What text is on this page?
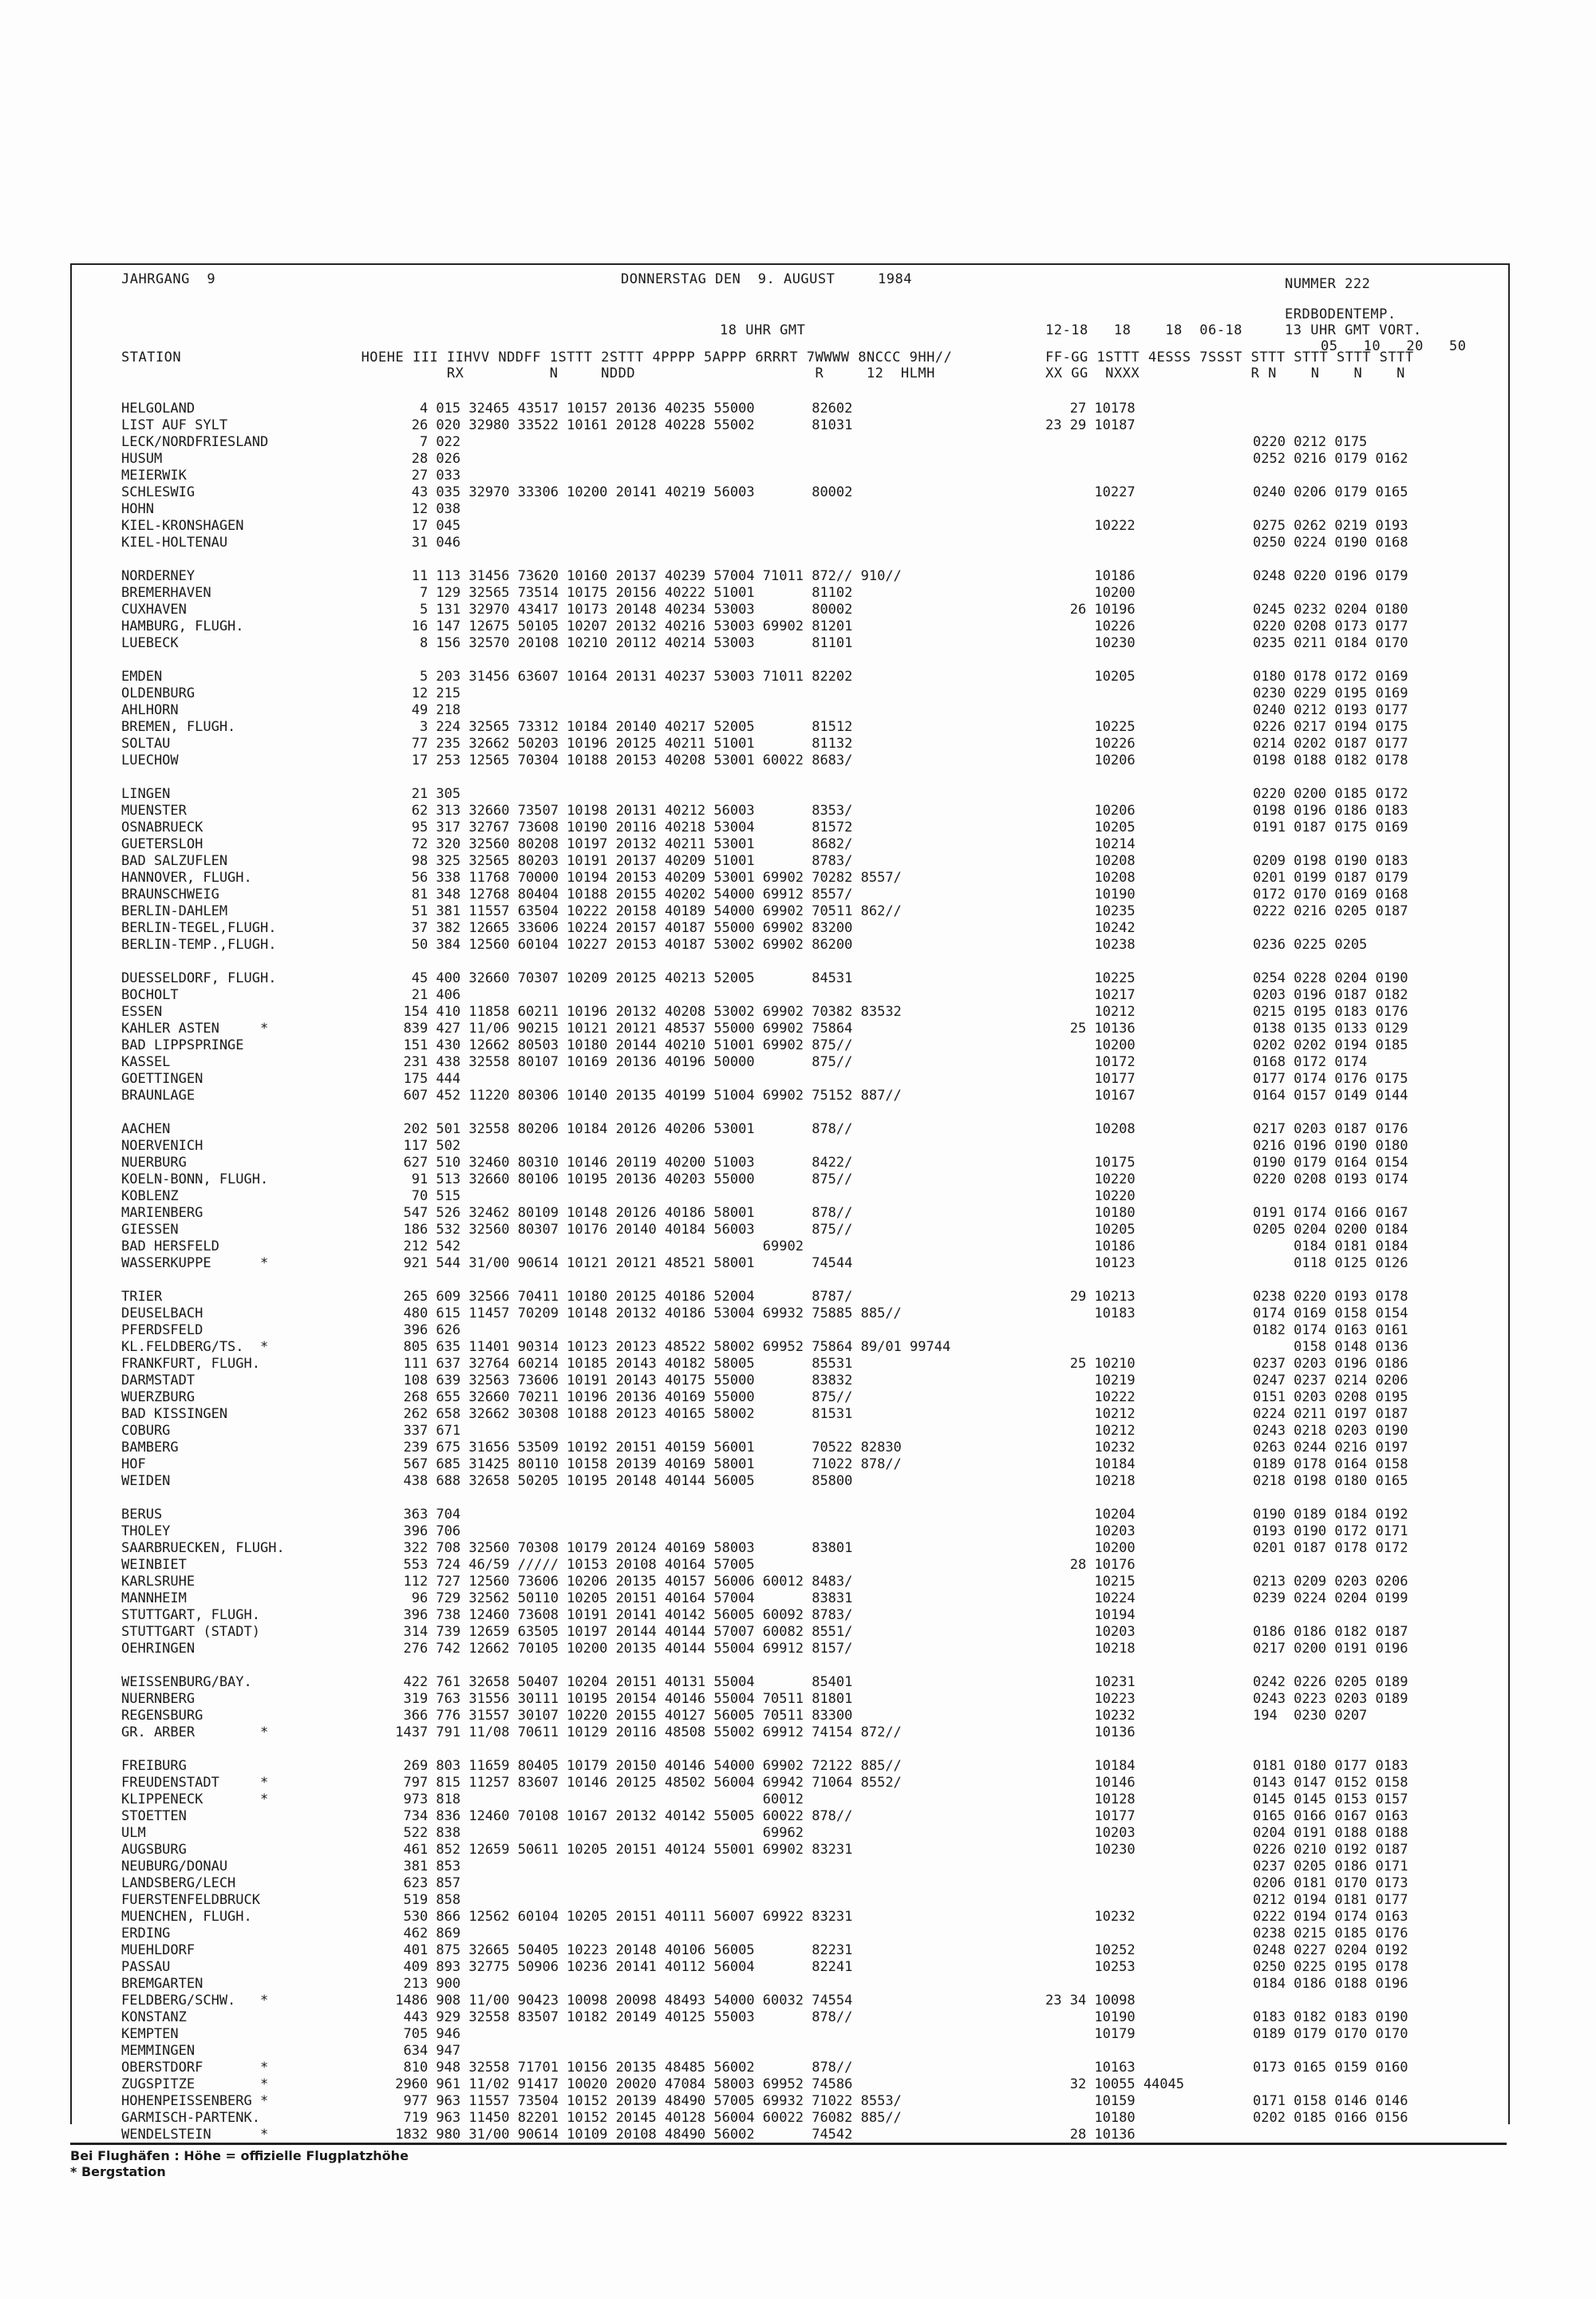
JAHRGANG  9	DONNERSTAG DEN  9. AUGUST     1984	NUMMER 222
18 UHR GMT
ERDBODENTEMP.
13 UHR GMT VORT.
05   10   20   50
STATION                     HOEHE III IIHVV NDDFF 1STTT 2STTT 4PPPP 5APPP 6RRRT 7WWWW 8NCCC 9HH//
RX          N     NDDD                     R     12  HLMH
12-18   18    18  06-18
FF-GG 1STTT 4ESSS 7SSST STTT STTT STTT STTT
XX GG  NXXX             R N    N    N    N
HELGOLAND
LIST AUF SYLT
LECK/NORDFRIESLAND
HUSUM
MEIERWIK
SCHLESWIG
HOHN
KIEL-KRONSHAGEN
KIEL-HOLTENAU
NORDERNEY
BREMERHAVEN
CUXHAVEN
HAMBURG, FLUGH.
LUEBECK
EMDEN
OLDENBURG
AHLHORN
BREMEN, FLUGH.
SOLTAU
LUECHOW
LINGEN
MUENSTER
OSNABRUECK
GUETERSLOH
BAD SALZUFLEN
HANNOVER, FLUGH.
BRAUNSCHWEIG
BERLIN-DAHLEM
BERLIN-TEGEL,FLUGH.
BERLIN-TEMP.,FLUGH.
DUESSELDORF, FLUGH.
BOCHOLT
ESSEN
KAHLER ASTEN     *
BAD LIPPSPRINGE
KASSEL
GOETTINGEN
BRAUNLAGE
AACHEN
NOERVENICH
NUERBURG
KOELN-BONN, FLUGH.
KOBLENZ
MARIENBERG
GIESSEN
BAD HERSFELD
WASSERKUPPE      *
TRIER
DEUSELBACH
PFERDSFELD
KL.FELDBERG/TS.  *
FRANKFURT, FLUGH.
DARMSTADT
WUERZBURG
BAD KISSINGEN
COBURG
BAMBERG
HOF
WEIDEN
BERUS
THOLEY
SAARBRUECKEN, FLUGH.
WEINBIET
KARLSRUHE
MANNHEIM
STUTTGART, FLUGH.
STUTTGART (STADT)
OEHRINGEN
WEISSENBURG/BAY.
NUERNBERG
REGENSBURG
GR. ARBER        *
FREIBURG
FREUDENSTADT     *
KLIPPENECK       *
STOETTEN
ULM
AUGSBURG
NEUBURG/DONAU
LANDSBERG/LECH
FUERSTENFELDBRUCK
MUENCHEN, FLUGH.
ERDING
MUEHLDORF
PASSAU
BREMGARTEN
FELDBERG/SCHW.   *
KONSTANZ
KEMPTEN
MEMMINGEN
OBERSTDORF       *
ZUGSPITZE        *
HOHENPEISSENBERG *
GARMISCH-PARTENK.
WENDELSTEIN      *
4 015 32465 43517 10157 20136 40235 55000       82602
26 020 32980 33522 10161 20128 40228 55002       81031
7 022
28 026
27 033
43 035 32970 33306 10200 20141 40219 56003       80002
12 038
17 045
31 046
11 113 31456 73620 10160 20137 40239 57004 71011 872// 910//
7 129 32565 73514 10175 20156 40222 51001       81102
5 131 32970 43417 10173 20148 40234 53003       80002
16 147 12675 50105 10207 20132 40216 53003 69902 81201
8 156 32570 20108 10210 20112 40214 53003       81101
5 203 31456 63607 10164 20131 40237 53003 71011 82202
12 215
49 218
3 224 32565 73312 10184 20140 40217 52005       81512
77 235 32662 50203 10196 20125 40211 51001       81132
17 253 12565 70304 10188 20153 40208 53001 60022 8683/
21 305
62 313 32660 73507 10198 20131 40212 56003       8353/
95 317 32767 73608 10190 20116 40218 53004       81572
72 320 32560 80208 10197 20132 40211 53001       8682/
98 325 32565 80203 10191 20137 40209 51001       8783/
56 338 11768 70000 10194 20153 40209 53001 69902 70282 8557/
81 348 12768 80404 10188 20155 40202 54000 69912 8557/
51 381 11557 63504 10222 20158 40189 54000 69902 70511 862//
37 382 12665 33606 10224 20157 40187 55000 69902 83200
50 384 12560 60104 10227 20153 40187 53002 69902 86200
45 400 32660 70307 10209 20125 40213 52005       84531
21 406
154 410 11858 60211 10196 20132 40208 53002 69902 70382 83532
839 427 11/06 90215 10121 20121 48537 55000 69902 75864
151 430 12662 80503 10180 20144 40210 51001 69902 875//
231 438 32558 80107 10169 20136 40196 50000       875//
175 444
607 452 11220 80306 10140 20135 40199 51004 69902 75152 887//
202 501 32558 80206 10184 20126 40206 53001       878//
117 502
627 510 32460 80310 10146 20119 40200 51003       8422/
91 513 32660 80106 10195 20136 40203 55000       875//
70 515
547 526 32462 80109 10148 20126 40186 58001       878//
186 532 32560 80307 10176 20140 40184 56003       875//
212 542                                     69902
921 544 31/00 90614 10121 20121 48521 58001       74544
265 609 32566 70411 10180 20125 40186 52004       8787/
480 615 11457 70209 10148 20132 40186 53004 69932 75885 885//
396 626
805 635 11401 90314 10123 20123 48522 58002 69952 75864 89/01 99744
111 637 32764 60214 10185 20143 40182 58005       85531
108 639 32563 73606 10191 20143 40175 55000       83832
268 655 32660 70211 10196 20136 40169 55000       875//
262 658 32662 30308 10188 20123 40165 58002       81531
337 671
239 675 31656 53509 10192 20151 40159 56001       70522 82830
567 685 31425 80110 10158 20139 40169 58001       71022 878//
438 688 32658 50205 10195 20148 40144 56005       85800
363 704
396 706
322 708 32560 70308 10179 20124 40169 58003       83801
553 724 46/59 ///// 10153 20108 40164 57005
112 727 12560 73606 10206 20135 40157 56006 60012 8483/
96 729 32562 50110 10205 20151 40164 57004       83831
396 738 12460 73608 10191 20141 40142 56005 60092 8783/
314 739 12659 63505 10197 20144 40144 57007 60082 8551/
276 742 12662 70105 10200 20135 40144 55004 69912 8157/
422 761 32658 50407 10204 20151 40131 55004       85401
319 763 31556 30111 10195 20154 40146 55004 70511 81801
366 776 31557 30107 10220 20155 40127 56005 70511 83300
1437 791 11/08 70611 10129 20116 48508 55002 69912 74154 872//
269 803 11659 80405 10179 20150 40146 54000 69902 72122 885//
797 815 11257 83607 10146 20125 48502 56004 69942 71064 8552/
973 818                                     60012
734 836 12460 70108 10167 20132 40142 55005 60022 878//
522 838                                     69962
461 852 12659 50611 10205 20151 40124 55001 69902 83231
381 853
623 857
519 858
530 866 12562 60104 10205 20151 40111 56007 69922 83231
462 869
401 875 32665 50405 10223 20148 40106 56005       82231
409 893 32775 50906 10236 20141 40112 56004       82241
213 900
1486 908 11/00 90423 10098 20098 48493 54000 60032 74554
443 929 32558 83507 10182 20149 40125 55003       878//
705 946
634 947
810 948 32558 71701 10156 20135 48485 56002       878//
2960 961 11/02 91417 10020 20020 47084 58003 69952 74586
977 963 11557 73504 10152 20139 48490 57005 69932 71022 8553/
719 963 11450 82201 10152 20145 40128 56004 60022 76082 885//
1832 980 31/00 90614 10109 20108 48490 56002       74542
27 10178
23 29 10187
10227
10222
10186
10200
26 10196
10226
10230
10205
10225
10226
10206
10206
10205
10214
10208
10208
10190
10235
10242
10238
10225
10217
10212
25 10136
10200
10172
10177
10167
10208
10175
10220
10220
10180
10205
10186
10123
29 10213
10183
25 10210
10219
10222
10212
10212
10232
10184
10218
10204
10203
10200
28 10176
10215
10224
10194
10203
10218
10231
10223
10232
10136
10184
10146
10128
10177
10203
10230
10232
10252
10253
23 34 10098
10190
10179
10163
32 10055 44045
10159
10180
28 10136
0220 0212 0175
0252 0216 0179 0162
0240 0206 0179 0165
0275 0262 0219 0193
0250 0224 0190 0168
0248 0220 0196 0179
0245 0232 0204 0180
0220 0208 0173 0177
0235 0211 0184 0170
0180 0178 0172 0169
0230 0229 0195 0169
0240 0212 0193 0177
0226 0217 0194 0175
0214 0202 0187 0177
0198 0188 0182 0178
0220 0200 0185 0172
0198 0196 0186 0183
0191 0187 0175 0169
0209 0198 0190 0183
0201 0199 0187 0179
0172 0170 0169 0168
0222 0216 0205 0187
0236 0225 0205
0254 0228 0204 0190
0203 0196 0187 0182
0215 0195 0183 0176
0138 0135 0133 0129
0202 0202 0194 0185
0168 0172 0174
0177 0174 0176 0175
0164 0157 0149 0144
0217 0203 0187 0176
0216 0196 0190 0180
0190 0179 0164 0154
0220 0208 0193 0174
0191 0174 0166 0167
0205 0204 0200 0184
0184 0181 0184
0118 0125 0126
0238 0220 0193 0178
0174 0169 0158 0154
0182 0174 0163 0161
0158 0148 0136
0237 0203 0196 0186
0247 0237 0214 0206
0151 0203 0208 0195
0224 0211 0197 0187
0243 0218 0203 0190
0263 0244 0216 0197
0189 0178 0164 0158
0218 0198 0180 0165
0190 0189 0184 0192
0193 0190 0172 0171
0201 0187 0178 0172
0213 0209 0203 0206
0239 0224 0204 0199
0186 0186 0182 0187
0217 0200 0191 0196
0242 0226 0205 0189
0243 0223 0203 0189
194  0230 0207
0181 0180 0177 0183
0143 0147 0152 0158
0145 0145 0153 0157
0165 0166 0167 0163
0204 0191 0188 0188
0226 0210 0192 0187
0237 0205 0186 0171
0206 0181 0170 0173
0212 0194 0181 0177
0222 0194 0174 0163
0238 0215 0185 0176
0248 0227 0204 0192
0250 0225 0195 0178
0184 0186 0188 0196
0183 0182 0183 0190
0189 0179 0170 0170
0173 0165 0159 0160
0171 0158 0146 0146
0202 0185 0166 0156
Bei Flughäfen : Höhe = offizielle Flugplatzhöhe
* Bergstation
